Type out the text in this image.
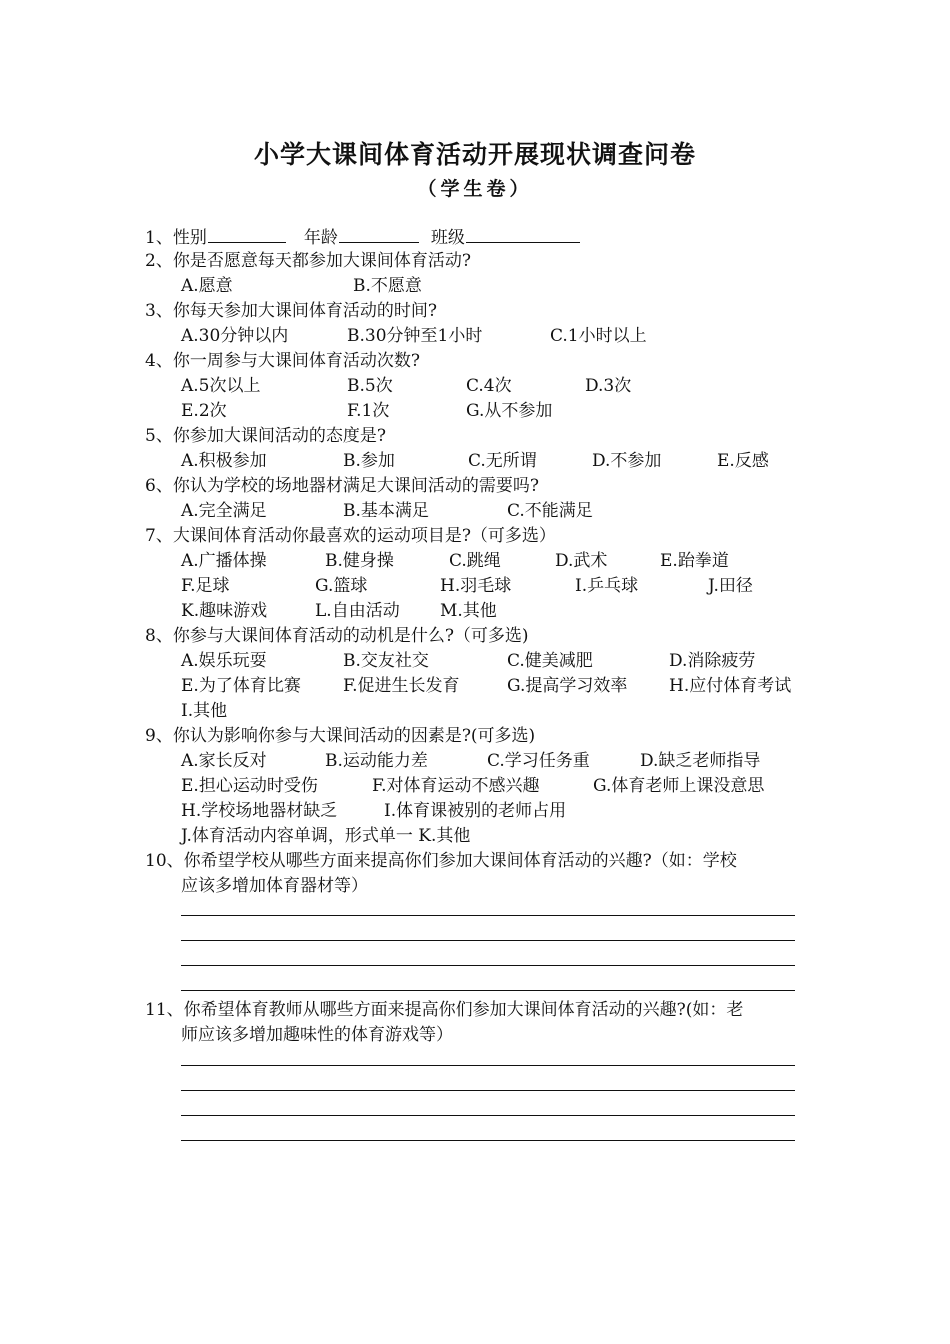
小学大课间体育活动开展现状调查问卷
（学生卷）
1、性别	年龄	班级
2、你是否愿意每天都参加大课间体育活动?
A.愿意	B.不愿意
3、你每天参加大课间体育活动的时间?
A.30分钟以内	B.30分钟至1小时	C.1小时以上
4、你一周参与大课间体育活动次数?
A.5次以上	B.5次	C.4次	D.3次
E.2次	F.1次	G.从不参加
5、你参加大课间活动的态度是?
A.积极参加	B.参加	C.无所谓	D.不参加	E.反感
6、你认为学校的场地器材满足大课间活动的需要吗?
A.完全满足	B.基本满足	C.不能满足
7、大课间体育活动你最喜欢的运动项目是?（可多选）
A.广播体操	B.健身操	C.跳绳	D.武术	E.跆拳道
F.足球	G.篮球	H.羽毛球	I.乒乓球	J.田径
K.趣味游戏	L.自由活动 M.其他
8、你参与大课间体育活动的动机是什么?（可多选)
A.娱乐玩耍	B.交友社交	C.健美减肥	D.消除疲劳
E.为了体育比赛 F.促进生长发育	G.提高学习效率 H.应付体育考试
I.其他
9、你认为影响你参与大课间活动的因素是?(可多选)
A.家长反对	B.运动能力差	C.学习任务重	D.缺乏老师指导
E.担心运动时受伤	F.对体育运动不感兴趣	G.体育老师上课没意思
H.学校场地器材缺乏	I.体育课被别的老师占用
J.体育活动内容单调，形式单一 K.其他
10、你希望学校从哪些方面来提高你们参加大课间体育活动的兴趣?（如：学校
应该多增加体育器材等）
11、你希望体育教师从哪些方面来提高你们参加大课间体育活动的兴趣?(如：老
师应该多增加趣味性的体育游戏等）
